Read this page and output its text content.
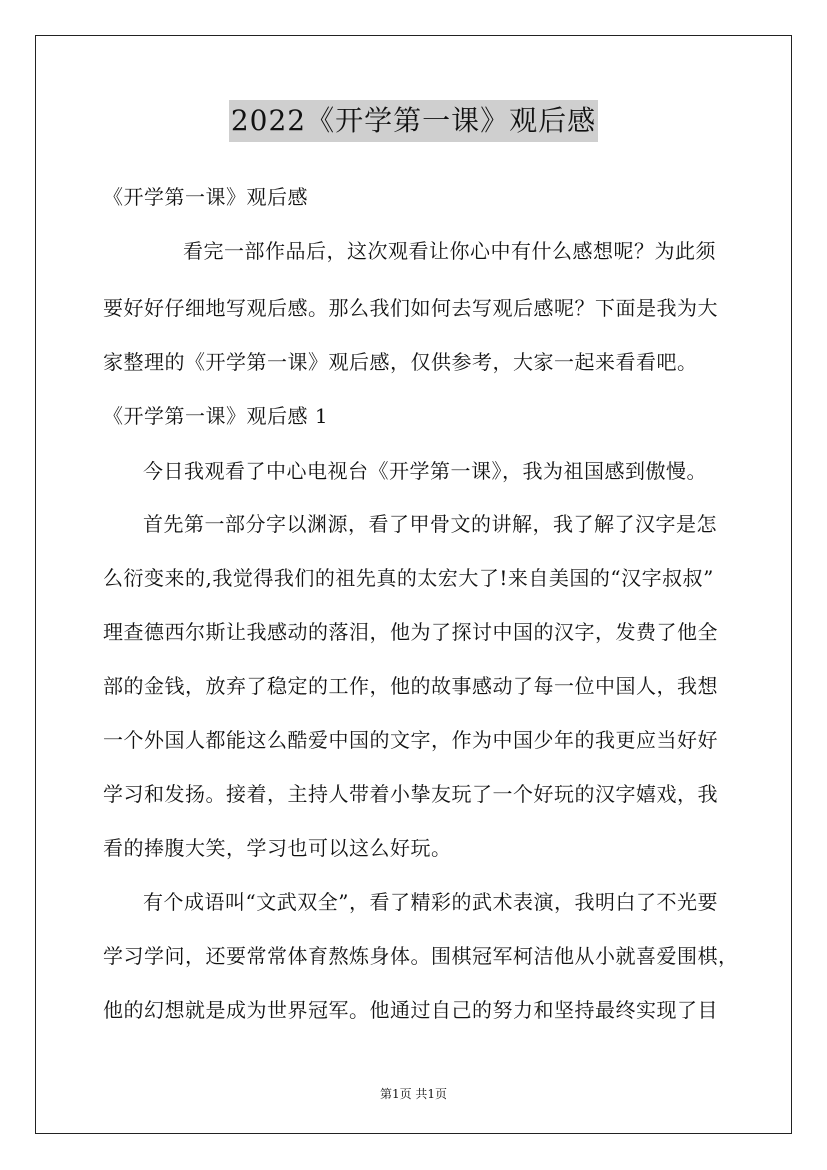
2022《开学第一课》观后感
《开学第一课》观后感
看完一部作品后，这次观看让你心中有什么感想呢？为此须
要好好仔细地写观后感。那么我们如何去写观后感呢？下面是我为大
家整理的《开学第一课》观后感，仅供参考，大家一起来看看吧。
《开学第一课》观后感 1
今日我观看了中心电视台《开学第一课》，我为祖国感到傲慢。
首先第一部分字以渊源，看了甲骨文的讲解，我了解了汉字是怎
么衍变来的,我觉得我们的祖先真的太宏大了!来自美国的“汉字叔叔”
理查德西尔斯让我感动的落泪，他为了探讨中国的汉字，发费了他全
部的金钱，放弃了稳定的工作，他的故事感动了每一位中国人，我想
一个外国人都能这么酷爱中国的文字，作为中国少年的我更应当好好
学习和发扬。接着，主持人带着小挚友玩了一个好玩的汉字嬉戏，我
看的捧腹大笑，学习也可以这么好玩。
有个成语叫“文武双全”，看了精彩的武术表演，我明白了不光要
学习学问，还要常常体育熬炼身体。围棋冠军柯洁他从小就喜爱围棋，
他的幻想就是成为世界冠军。他通过自己的努力和坚持最终实现了目
第1页 共1页
